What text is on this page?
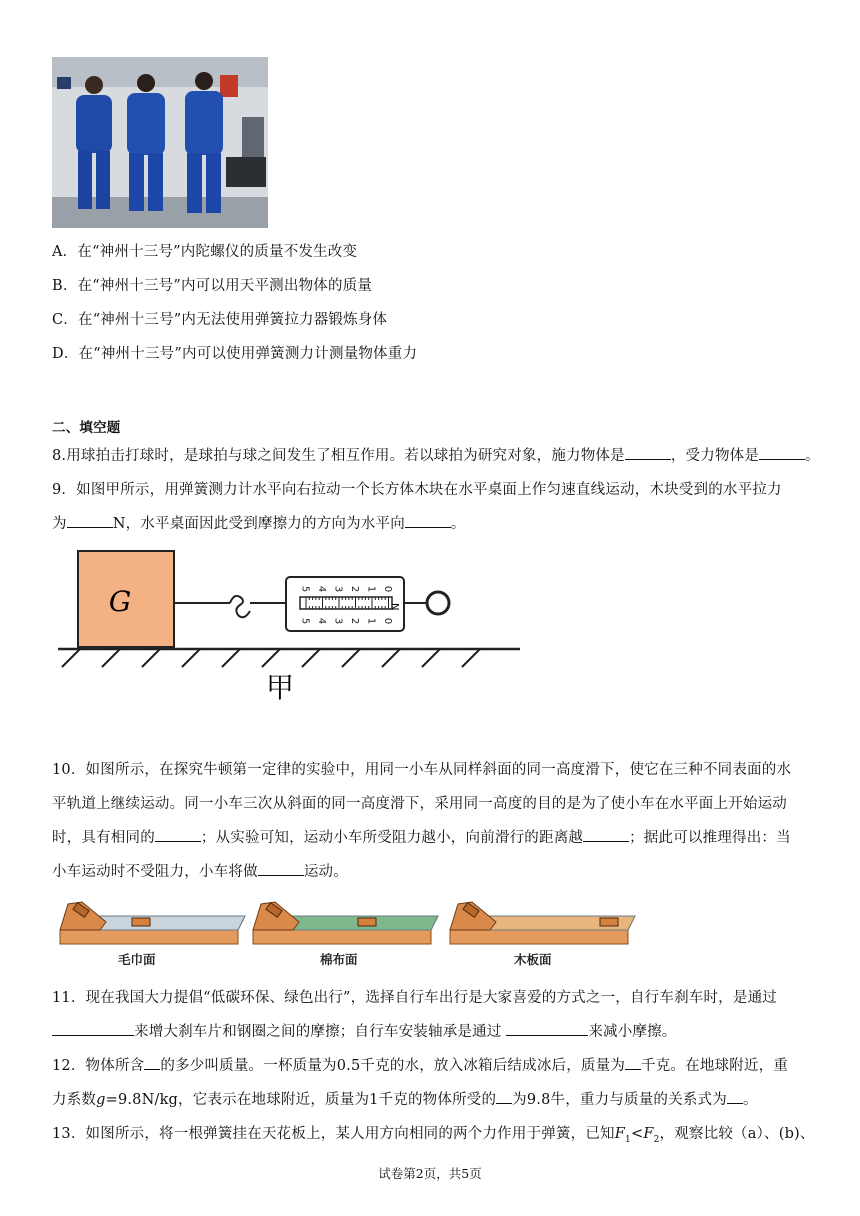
A．在“神州十三号”内陀螺仪的质量不发生改变
B．在“神州十三号”内可以用天平测出物体的质量
C．在“神州十三号”内无法使用弹簧拉力器锻炼身体
D．在“神州十三号”内可以使用弹簧测力计测量物体重力
二、填空题
8.用球拍击打球时，是球拍与球之间发生了相互作用。若以球拍为研究对象，施力物体是	，受力物体是	。
9．如图甲所示，用弹簧测力计水平向右拉动一个长方体木块在水平桌面上作匀速直线运动，木块受到的水平拉力
为	N，水平桌面因此受到摩擦力的方向为水平向	。
G	0
1
2
3
4
5
0
1
2
3
4
5
N
甲
10．如图所示，在探究牛顿第一定律的实验中，用同一小车从同样斜面的同一高度滑下，使它在三种不同表面的水
平轨道上继续运动。同一小车三次从斜面的同一高度滑下，采用同一高度的目的是为了使小车在水平面上开始运动
时，具有相同的	；从实验可知，运动小车所受阻力越小，向前滑行的距离越	；据此可以推理得出：当
小车运动时不受阻力，小车将做	运动。
毛巾面	棉布面	木板面
11．现在我国大力提倡“低碳环保、绿色出行”，选择自行车出行是大家喜爱的方式之一，自行车刹车时，是通过
来增大刹车片和钢圈之间的摩擦；自行车安装轴承是通过	来减小摩擦。
12．物体所含 的多少叫质量。一杯质量为0.5千克的水，放入冰箱后结成冰后，质量为 千克。在地球附近，重
力系数g=9.8N/kg，它表示在地球附近，质量为1千克的物体所受的 为9.8牛，重力与质量的关系式为 。
13．如图所示，将一根弹簧挂在天花板上，某人用方向相同的两个力作用于弹簧，已知$F_1<F_2$，观察比较（a）、(b)、
试卷第2页，共5页
